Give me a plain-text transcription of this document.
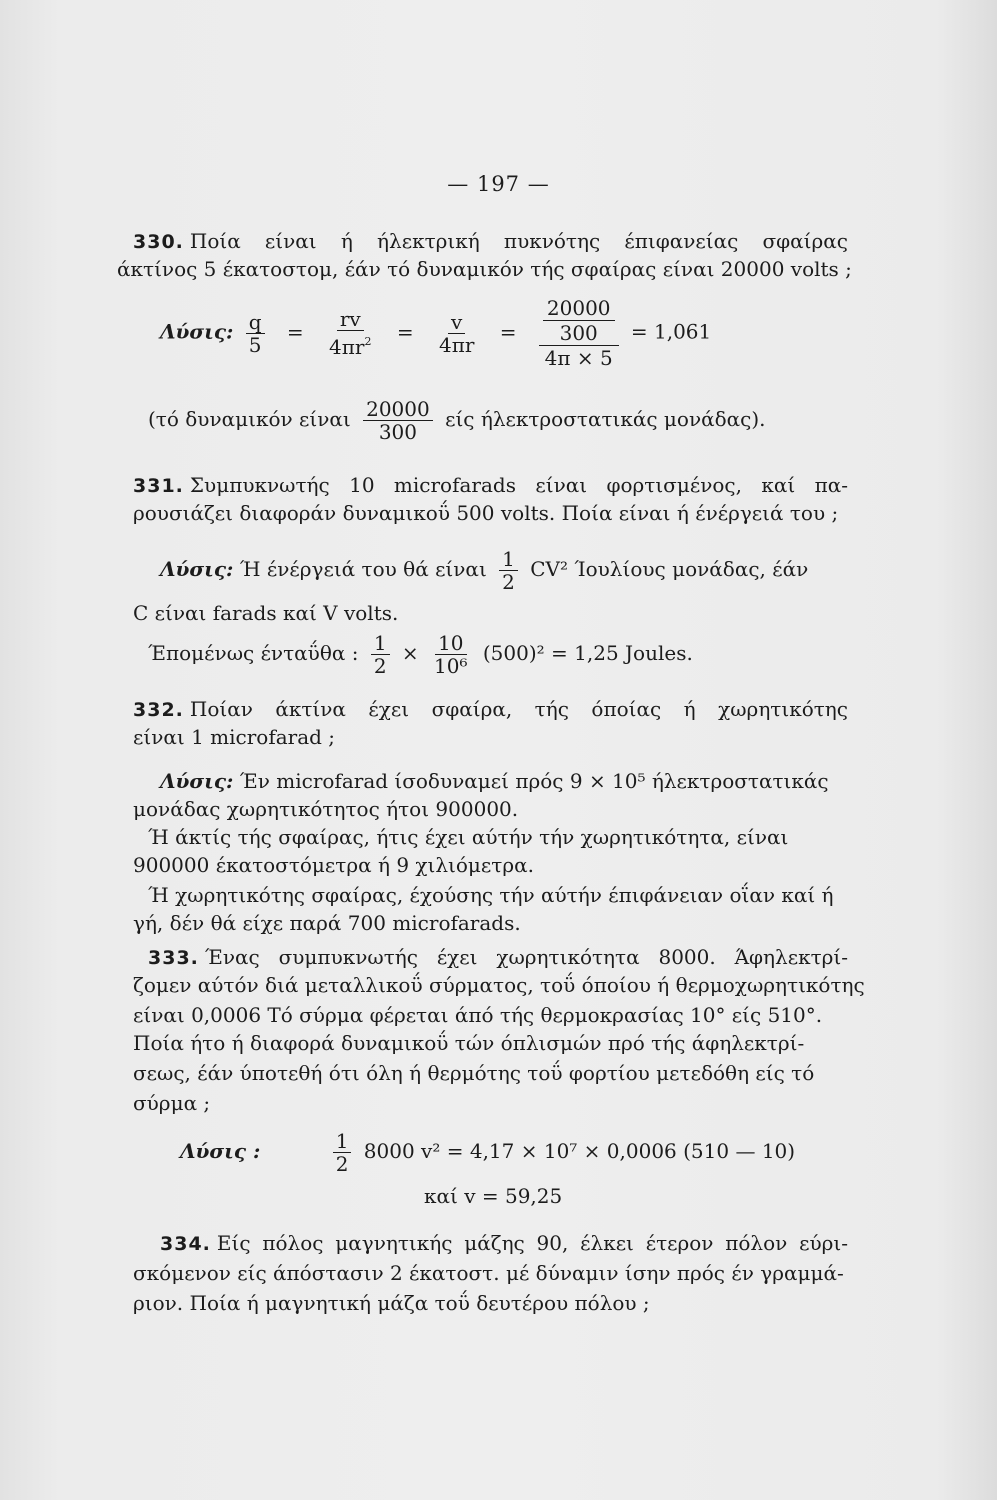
— 197 —
330. Ποία είναι ή ήλεκτρική πυκνότης έπιφανείας σφαίρας
άκτίνος 5 έκατοστομ, έάν τό δυναμικόν τής σφαίρας είναι 20000 volts ;
Λύσις: $\frac{q}{5} = \frac{rv}{4\pi r^2} = \frac{v}{4\pi r} = \frac{\frac{20000}{300}}{4\pi \times 5} = 1,061$
(τό δυναμικόν είναι $\frac{20000}{300}$ είς ήλεκτροστατικάς μονάδας).
331. Συμπυκνωτής 10 microfarads είναι φορτισμένος, καί πα-
ρουσιάζει διαφοράν δυναμικοΰ 500 volts. Ποία είναι ή ένέργειά του ;
Λύσις: Ή ένέργειά του θά είναι $\frac{1}{2} CV^2$ Ίουλίους μονάδας, έάν
C είναι farads καί V volts.
Έπομένως ένταΰθα : $\frac{1}{2} \times \frac{10}{\text{10⁶}} (500)^2 = 1,25$ Joules.
332. Ποίαν άκτίνα έχει σφαίρα, τής όποίας ή χωρητικότης
είναι 1 microfarad ;
Λύσις: Έν microfarad ίσοδυναμεί πρός 9 × 10⁵ ήλεκτροστατικάς
μονάδας χωρητικότητος ήτοι 900000.
Ή άκτίς τής σφαίρας, ήτις έχει αύτήν τήν χωρητικότητα, είναι
900000 έκατοστόμετρα ή 9 χιλιόμετρα.
Ή χωρητικότης σφαίρας, έχούσης τήν αύτήν έπιφάνειαν οΐαν καί ή
γή, δέν θά είχε παρά 700 microfarads.
333. Ένας συμπυκνωτής έχει χωρητικότητα 8000. Άφηλεκτρί-
ζομεν αύτόν διά μεταλλικοΰ σύρματος, τοΰ όποίου ή θερμοχωρητικότης
είναι 0,0006 Τό σύρμα φέρεται άπό τής θερμοκρασίας 10° είς 510°.
Ποία ήτο ή διαφορά δυναμικοΰ τών όπλισμών πρό τής άφηλεκτρί-
σεως, έάν ύποτεθή ότι όλη ή θερμότης τοΰ φορτίου μετεδόθη είς τό
σύρμα ;
Λύσις :	$\frac{1}{2} 8000$ v² = 4,17 × 10⁷ × 0,0006 (510 — 10)
καί v = 59,25
334. Είς πόλος μαγνητικής μάζης 90, έλκει έτερον πόλον εύρι-
σκόμενον είς άπόστασιν 2 έκατοστ. μέ δύναμιν ίσην πρός έν γραμμά-
ριον. Ποία ή μαγνητική μάζα τοΰ δευτέρου πόλου ;
